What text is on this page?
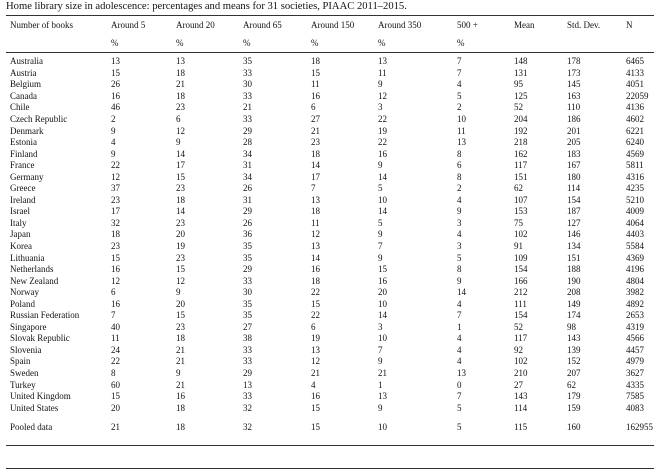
Home library size in adolescence: percentages and means for 31 societies, PIAAC 2011–2015.
Number of books	Around 5	Around 20	Around 65	Around 150	Around 350	500 +	Mean	Std. Dev.	N
	%	%	%	%	%	%			

Australia	13	13	35	18	13	7	148	178	6465
Austria	15	18	33	15	11	7	131	173	4133
Belgium	26	21	30	11	9	4	95	145	4051
Canada	16	18	33	16	12	5	125	163	22059
Chile	46	23	21	6	3	2	52	110	4136
Czech Republic	2	6	33	27	22	10	204	186	4602
Denmark	9	12	29	21	19	11	192	201	6221
Estonia	4	9	28	23	22	13	218	205	6240
Finland	9	14	34	18	16	8	162	183	4569
France	22	17	31	14	9	6	117	167	5811
Germany	12	15	34	17	14	8	151	180	4316
Greece	37	23	26	7	5	2	62	114	4235
Ireland	23	18	31	13	10	4	107	154	5210
Israel	17	14	29	18	14	9	153	187	4009
Italy	32	23	26	11	5	3	75	127	4064
Japan	18	20	36	12	9	4	102	146	4403
Korea	23	19	35	13	7	3	91	134	5584
Lithuania	15	23	35	14	9	5	109	151	4369
Netherlands	16	15	29	16	15	8	154	188	4196
New Zealand	12	12	33	18	16	9	166	190	4804
Norway	6	9	30	22	20	14	212	208	3982
Poland	16	20	35	15	10	4	111	149	4892
Russian Federation	7	15	35	22	14	7	154	174	2653
Singapore	40	23	27	6	3	1	52	98	4319
Slovak Republic	11	18	38	19	10	4	117	143	4566
Slovenia	24	21	33	13	7	4	92	139	4457
Spain	22	21	33	12	9	4	102	152	4979
Sweden	8	9	29	21	21	13	210	207	3627
Turkey	60	21	13	4	1	0	27	62	4335
United Kingdom	15	16	33	16	13	7	143	179	7585
United States	20	18	32	15	9	5	114	159	4083

Pooled data	21	18	32	15	10	5	115	160	162955
